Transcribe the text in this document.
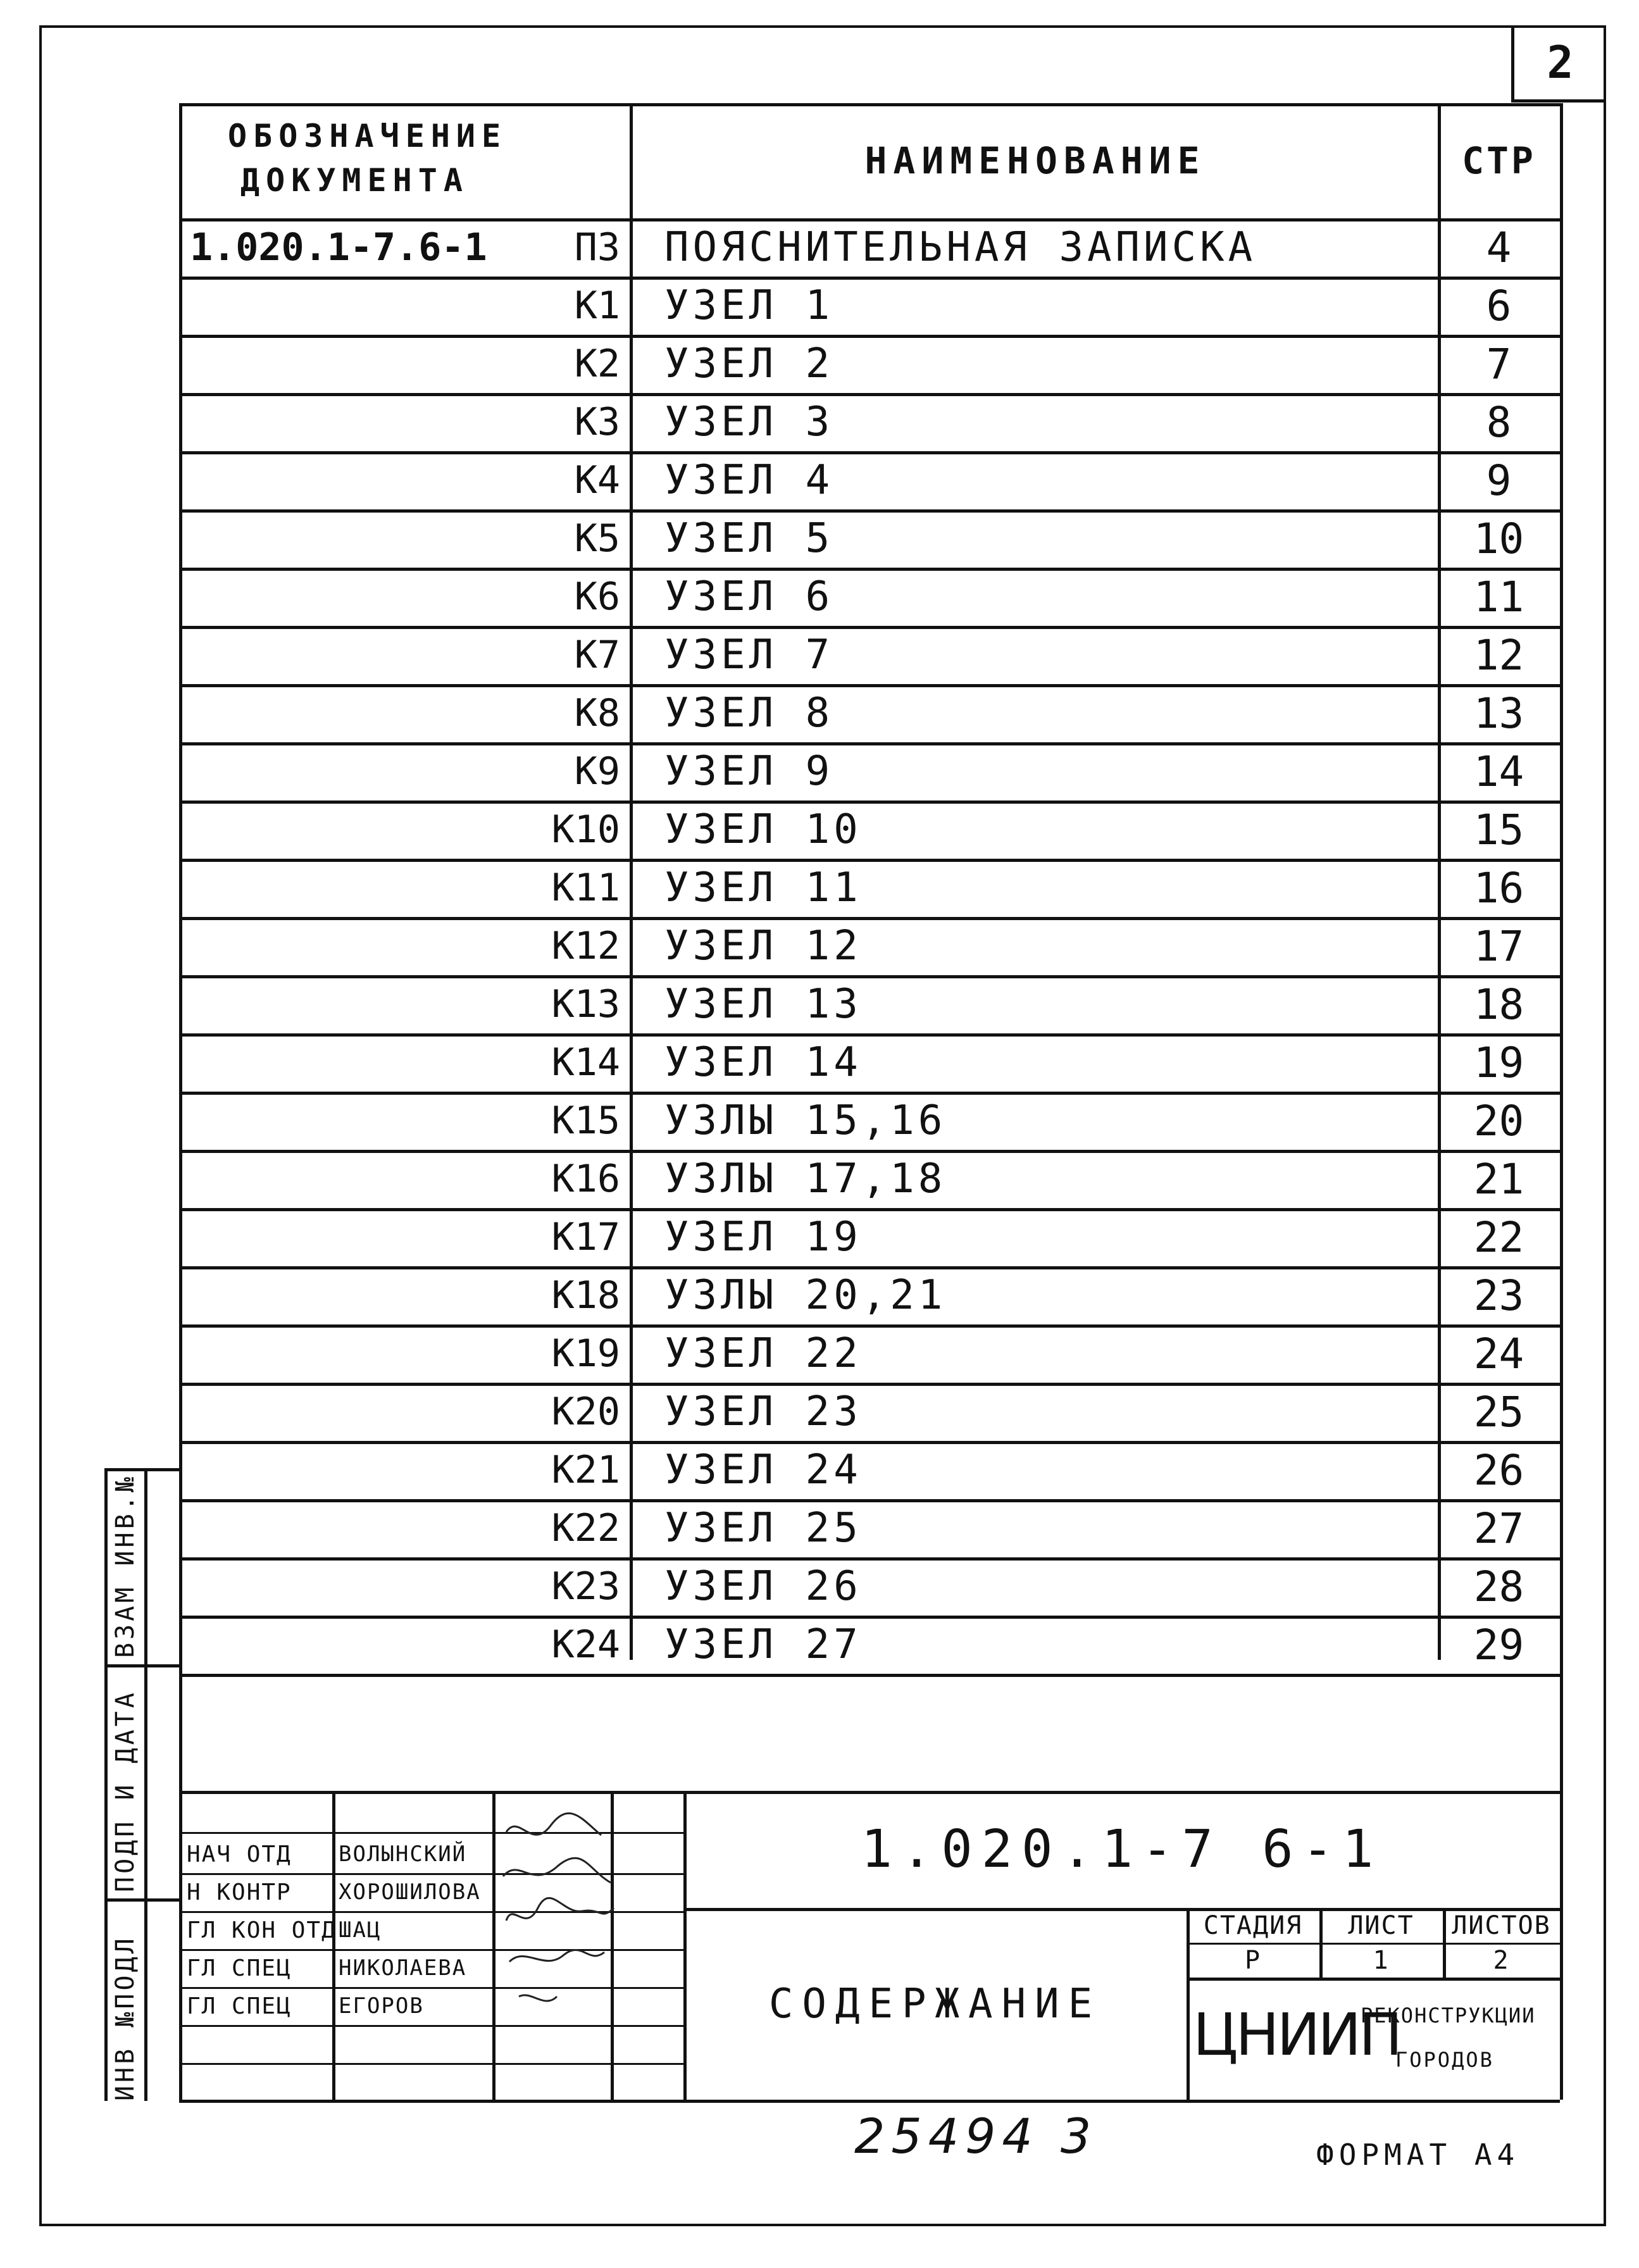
2
ОБОЗНАЧЕНИЕ
ДОКУМЕНТА	НАИМЕНОВАНИЕ	СТР
1.020.1-7.6-1	ПЗ ПОЯСНИТЕЛЬНАЯ ЗАПИСКА	4
К1 УЗЕЛ 1	6
К2 УЗЕЛ 2	7
К3 УЗЕЛ 3	8
К4 УЗЕЛ 4	9
К5 УЗЕЛ 5	10
К6 УЗЕЛ 6	11
К7 УЗЕЛ 7	12
К8 УЗЕЛ 8	13
К9 УЗЕЛ 9	14
К10 УЗЕЛ 10	15
К11 УЗЕЛ 11	16
К12 УЗЕЛ 12	17
К13 УЗЕЛ 13	18
К14 УЗЕЛ 14	19
К15 УЗЛЫ 15,16	20
К16 УЗЛЫ 17,18	21
К17 УЗЕЛ 19	22
К18 УЗЛЫ 20,21	23
К19 УЗЕЛ 22	24
К20 УЗЕЛ 23	25
К21 УЗЕЛ 24	26
К22 УЗЕЛ 25	27
К23 УЗЕЛ 26	28
К24 УЗЕЛ 27	29
ИНВ №ПОДЛ
ПОДП И ДАТА
ВЗАМ ИНВ.№
1.020.1-7 6-1
СОДЕРЖАНИЕ
СТАДИЯ	ЛИСТ	ЛИСТОВ
Р	1	2
ЦНИИП
РЕКОНСТРУКЦИИ
ГОРОДОВ
НАЧ ОТД ВОЛЫНСКИЙ
Н КОНТР ХОРОШИЛОВА
ГЛ КОН ОТД ШАЦ
ГЛ СПЕЦ НИКОЛАЕВА
ГЛ СПЕЦ ЕГОРОВ
25494 3	ФОРМАТ А4
